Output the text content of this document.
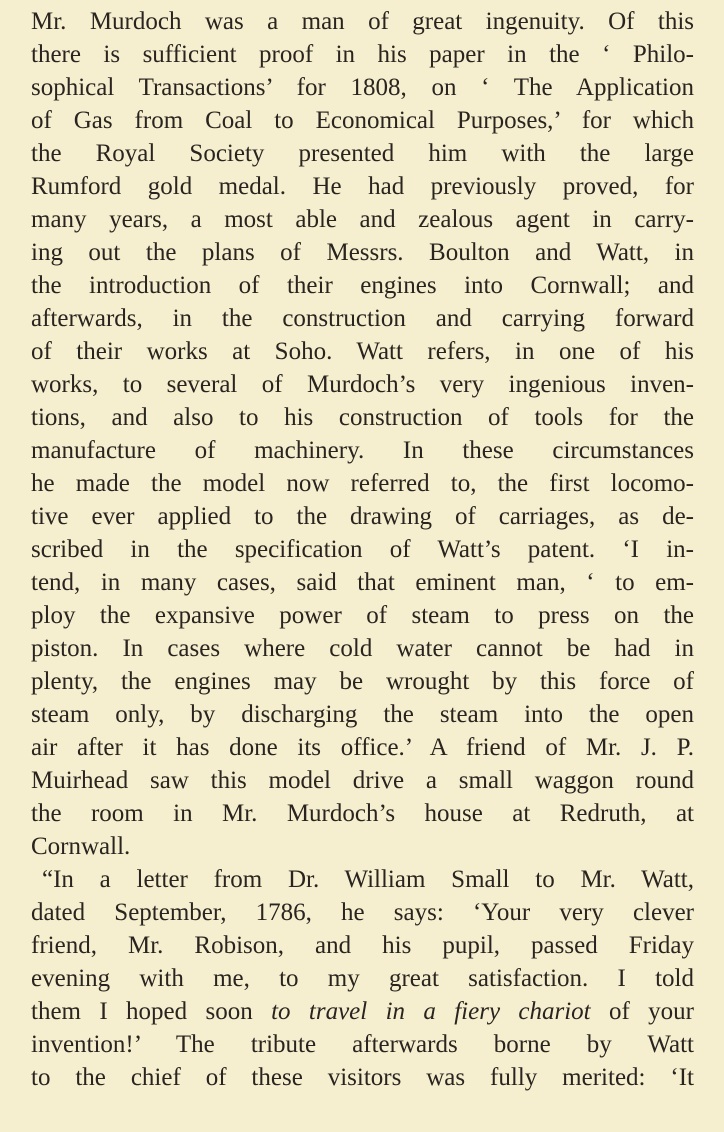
Mr. Murdoch was a man of great ingenuity. Of this
there is sufficient proof in his paper in the ‘ Philo-
sophical Transactions’ for 1808, on ‘ The Application
of Gas from Coal to Economical Purposes,’ for which
the Royal Society presented him with the large
Rumford gold medal. He had previously proved, for
many years, a most able and zealous agent in carry-
ing out the plans of Messrs. Boulton and Watt, in
the introduction of their engines into Cornwall; and
afterwards, in the construction and carrying forward
of their works at Soho. Watt refers, in one of his
works, to several of Murdoch’s very ingenious inven-
tions, and also to his construction of tools for the
manufacture of machinery. In these circumstances
he made the model now referred to, the first locomo-
tive ever applied to the drawing of carriages, as de-
scribed in the specification of Watt’s patent. ‘I in-
tend, in many cases, said that eminent man, ‘ to em-
ploy the expansive power of steam to press on the
piston. In cases where cold water cannot be had in
plenty, the engines may be wrought by this force of
steam only, by discharging the steam into the open
air after it has done its office.’ A friend of Mr. J. P.
Muirhead saw this model drive a small waggon round
the room in Mr. Murdoch’s house at Redruth, at
Cornwall.
“In a letter from Dr. William Small to Mr. Watt,
dated September, 1786, he says: ‘Your very clever
friend, Mr. Robison, and his pupil, passed Friday
evening with me, to my great satisfaction. I told
them I hoped soon to travel in a fiery chariot of your
invention!’ The tribute afterwards borne by Watt
to the chief of these visitors was fully merited: ‘It
